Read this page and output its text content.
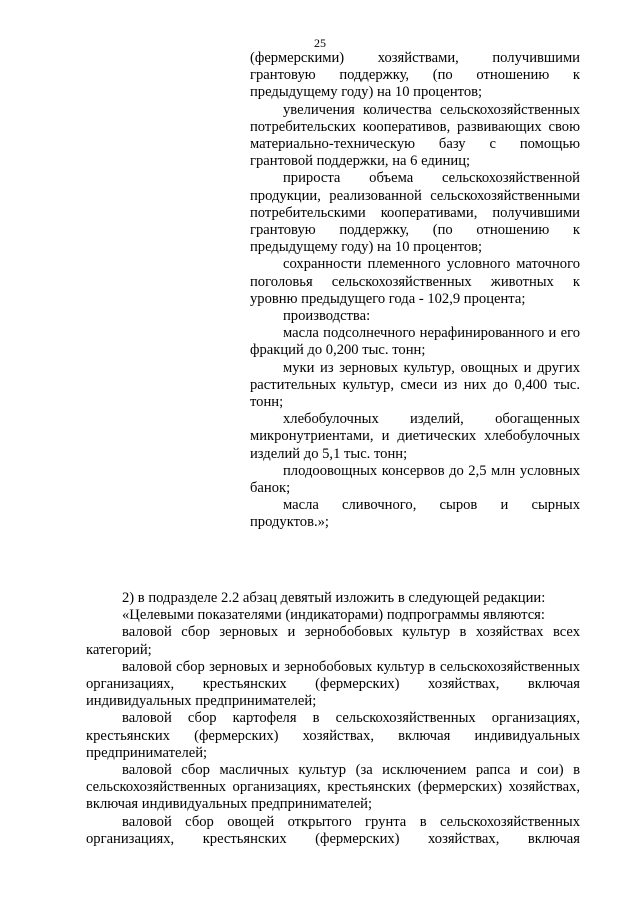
25

(фермерскими) хозяйствами, получившими грантовую поддержку, (по отношению к предыдущему году) на 10 процентов;

увеличения количества сельскохозяйственных потребительских кооперативов, развивающих свою материально-техническую базу с помощью грантовой поддержки, на 6 единиц;

прироста объема сельскохозяйственной продукции, реализованной сельскохозяйственными потребительскими кооперативами, получившими грантовую поддержку, (по отношению к предыдущему году) на 10 процентов;

сохранности племенного условного маточного поголовья сельскохозяйственных животных к уровню предыдущего года - 102,9 процента;

производства:

масла подсолнечного нерафинированного и его фракций до 0,200 тыс. тонн;

муки из зерновых культур, овощных и других растительных культур, смеси из них до 0,400 тыс. тонн;

хлебобулочных изделий, обогащенных микронутриентами, и диетических хлебобулочных изделий до 5,1 тыс. тонн;

плодоовощных консервов до 2,5 млн условных банок;

масла сливочного, сыров и сырных продуктов.»;

2) в подразделе 2.2 абзац девятый изложить в следующей редакции:

«Целевыми показателями (индикаторами) подпрограммы являются:

валовой сбор зерновых и зернобобовых культур в хозяйствах всех категорий;

валовой сбор зерновых и зернобобовых культур в сельскохозяйственных организациях, крестьянских (фермерских) хозяйствах, включая индивидуальных предпринимателей;

валовой сбор картофеля в сельскохозяйственных организациях, крестьянских (фермерских) хозяйствах, включая индивидуальных предпринимателей;

валовой сбор масличных культур (за исключением рапса и сои) в сельскохозяйственных организациях, крестьянских (фермерских) хозяйствах, включая индивидуальных предпринимателей;

валовой сбор овощей открытого грунта в сельскохозяйственных организациях, крестьянских (фермерских) хозяйствах, включая
